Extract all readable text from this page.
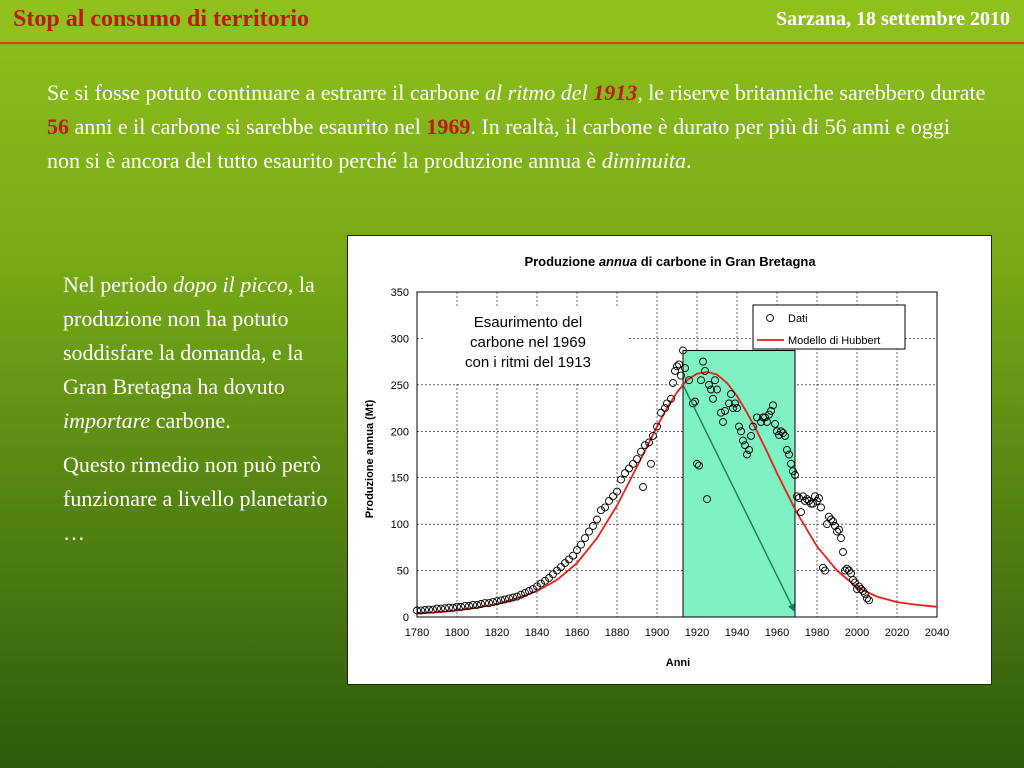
Stop al consumo di territorio	Sarzana, 18 settembre 2010
Se si fosse potuto continuare a estrarre il carbone al ritmo del 1913, le riserve britanniche sarebbero durate 56 anni e il carbone si sarebbe esaurito nel 1969. In realtà, il carbone è durato per più di 56 anni e oggi non si è ancora del tutto esaurito perché la produzione annua è diminuita.

Nel periodo dopo il picco, la produzione non ha potuto soddisfare la domanda, e la Gran Bretagna ha dovuto importare carbone.

Questo rimedio non può però funzionare a livello planetario …

Produzione annua di carbone in Gran Bretagna
Produzione annua (Mt)
Anni
1780 1800 1820 1840 1860 1880 1900 1920 1940 1960 1980 2000 2020 2040
0
50
100
150
200
250
300
350
Esaurimento del
carbone nel 1969
con i ritmi del 1913
Dati
Modello di Hubbert
